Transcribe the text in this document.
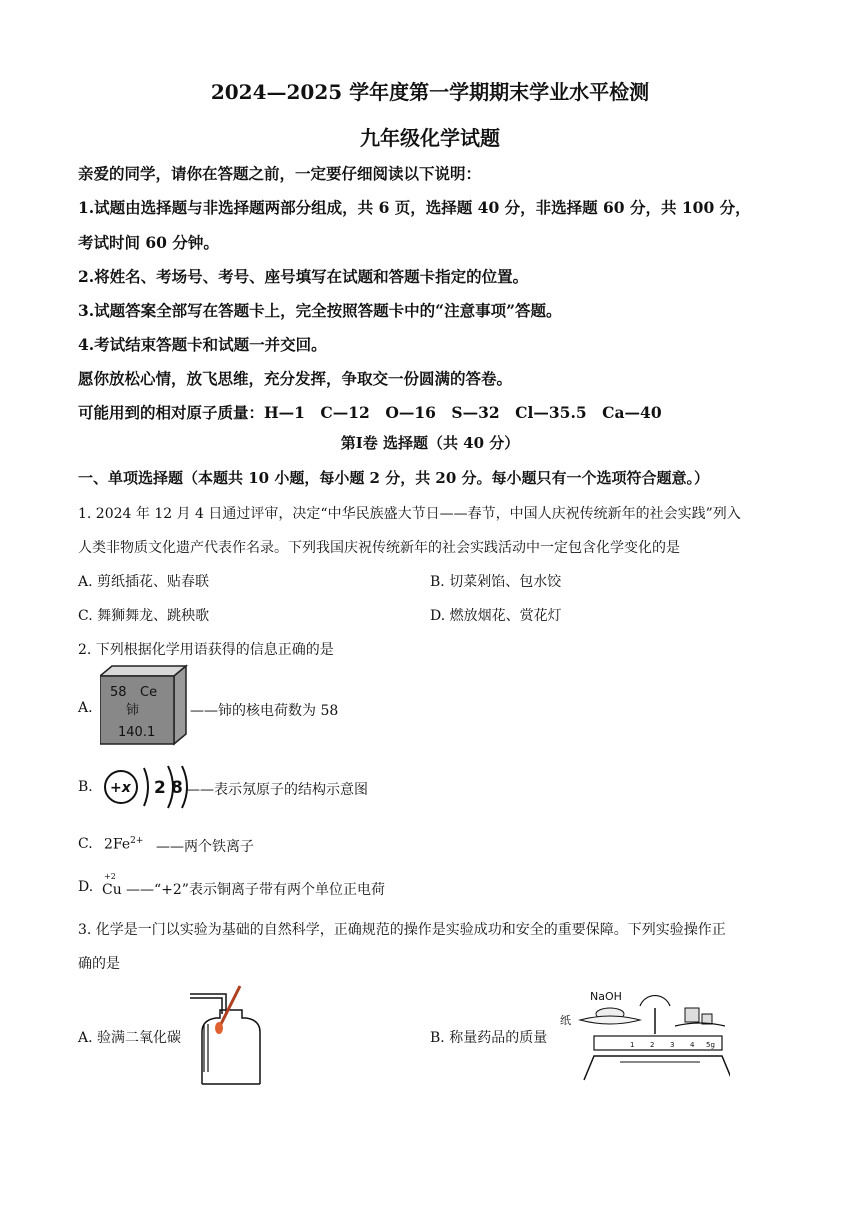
2024—2025 学年度第一学期期末学业水平检测
九年级化学试题
亲爱的同学，请你在答题之前，一定要仔细阅读以下说明：
1.试题由选择题与非选择题两部分组成，共 6 页，选择题 40 分，非选择题 60 分，共 100 分，
考试时间 60 分钟。
2.将姓名、考场号、考号、座号填写在试题和答题卡指定的位置。
3.试题答案全部写在答题卡上，完全按照答题卡中的“注意事项”答题。
4.考试结束答题卡和试题一并交回。
愿你放松心情，放飞思维，充分发挥，争取交一份圆满的答卷。
可能用到的相对原子质量：H—1　C—12　O—16　S—32　Cl—35.5　Ca—40
第Ⅰ卷 选择题（共 40 分）
一、单项选择题（本题共 10 小题，每小题 2 分，共 20 分。每小题只有一个选项符合题意。）
1. 2024 年 12 月 4 日通过评审，决定“中华民族盛大节日——春节，中国人庆祝传统新年的社会实践”列入
人类非物质文化遗产代表作名录。下列我国庆祝传统新年的社会实践活动中一定包含化学变化的是
A. 剪纸插花、贴春联	B. 切菜剁馅、包水饺
C. 舞狮舞龙、跳秧歌	D. 燃放烟花、赏花灯
2. 下列根据化学用语获得的信息正确的是
A.
58 Ce
铈
140.1
——铈的核电荷数为 58
B. +x 2 8 ——表示氖原子的结构示意图
C. $2Fe^{2+}$ ——两个铁离子
D.
+2
Cu ——“+2”表示铜离子带有两个单位正电荷
3. 化学是一门以实验为基础的自然科学，正确规范的操作是实验成功和安全的重要保障。下列实验操作正
确的是
A. 验满二氧化碳	B. 称量药品的质量
NaOH
纸
1 2 3 4 5g
